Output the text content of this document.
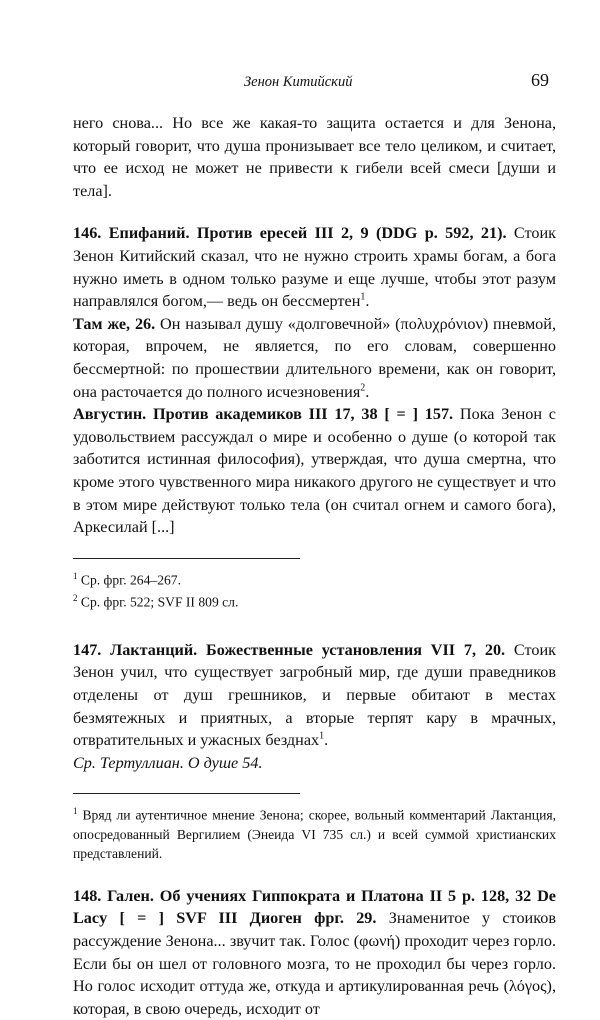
Зенон Китийский	69

него снова... Но все же какая-то защита остается и для Зенона, который говорит, что душа пронизывает все тело целиком, и считает, что ее исход не может не привести к гибели всей смеси [души и тела].

146. Епифаний. Против ересей III 2, 9 (DDG p. 592, 21). Стоик Зенон Китийский сказал, что не нужно строить храмы богам, а бога нужно иметь в одном только разуме и еще лучше, чтобы этот разум направлялся богом,— ведь он бессмертен$^1$.

Там же, 26. Он называл душу «долговечной» (πολυχρόνιον) пневмой, которая, впрочем, не является, по его словам, совершенно бессмертной: по прошествии длительного времени, как он говорит, она расточается до полного исчезновения$^2$.

Августин. Против академиков III 17, 38 [ = ] 157. Пока Зенон с удовольствием рассуждал о мире и особенно о душе (о которой так заботится истинная философия), утверждая, что душа смертна, что кроме этого чувственного мира никакого другого не существует и что в этом мире действуют только тела (он считал огнем и самого бога), Аркесилай [...]

$^1$ Ср. фрг. 264–267.

$^2$ Ср. фрг. 522; SVF II 809 сл.

147. Лактанций. Божественные установления VII 7, 20. Стоик Зенон учил, что существует загробный мир, где души праведников отделены от душ грешников, и первые обитают в местах безмятежных и приятных, а вторые терпят кару в мрачных, отвратительных и ужасных безднах$^1$.

Ср. Тертуллиан. О душе 54.

$^1$ Вряд ли аутентичное мнение Зенона; скорее, вольный комментарий Лактанция, опосредованный Вергилием (Энеида VI 735 сл.) и всей суммой христианских представлений.

148. Гален. Об учениях Гиппократа и Платона II 5 p. 128, 32 De Lacy [ = ] SVF III Диоген фрг. 29. Знаменитое у стоиков рассуждение Зенона... звучит так. Голос (φωνή) проходит через горло. Если бы он шел от головного мозга, то не проходил бы через горло. Но голос исходит оттуда же, откуда и артикулированная речь (λόγος), которая, в свою очередь, исходит от
